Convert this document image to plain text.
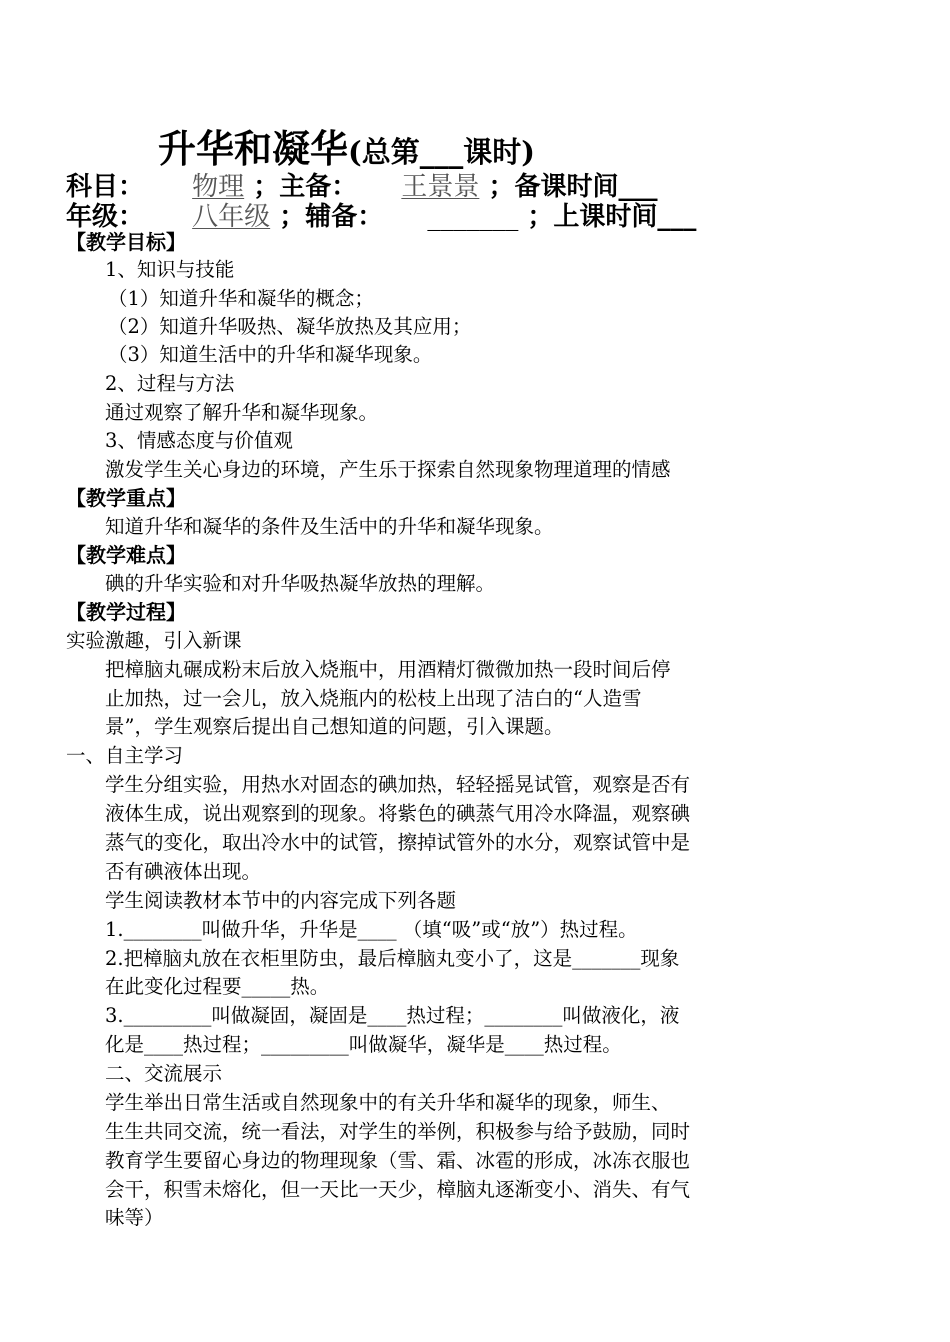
升华和凝华(总第___课时)
科目： 物理 ；主备： 王景景 ；备课时间___
年级： 八年级 ；辅备： _______ ；上课时间___
【教学目标】
1、知识与技能
（1）知道升华和凝华的概念；
（2）知道升华吸热、凝华放热及其应用；
（3）知道生活中的升华和凝华现象。
2、过程与方法
通过观察了解升华和凝华现象。
3、情感态度与价值观
激发学生关心身边的环境，产生乐于探索自然现象物理道理的情感
【教学重点】
知道升华和凝华的条件及生活中的升华和凝华现象。
【教学难点】
碘的升华实验和对升华吸热凝华放热的理解。
【教学过程】
实验激趣，引入新课
把樟脑丸碾成粉末后放入烧瓶中，用酒精灯微微加热一段时间后停
止加热，过一会儿，放入烧瓶内的松枝上出现了洁白的“人造雪
景”，学生观察后提出自己想知道的问题，引入课题。
一、自主学习
学生分组实验，用热水对固态的碘加热，轻轻摇晃试管，观察是否有
液体生成，说出观察到的现象。将紫色的碘蒸气用冷水降温，观察碘
蒸气的变化，取出冷水中的试管，擦掉试管外的水分，观察试管中是
否有碘液体出现。
学生阅读教材本节中的内容完成下列各题
1.________叫做升华，升华是____ （填“吸”或“放”）热过程。
2.把樟脑丸放在衣柜里防虫，最后樟脑丸变小了，这是_______现象
在此变化过程要_____热。
3._________叫做凝固，凝固是____热过程；________叫做液化，液
化是____热过程；_________叫做凝华，凝华是____热过程。
二、交流展示
学生举出日常生活或自然现象中的有关升华和凝华的现象，师生、
生生共同交流，统一看法，对学生的举例，积极参与给予鼓励，同时
教育学生要留心身边的物理现象（雪、霜、冰雹的形成，冰冻衣服也
会干，积雪未熔化，但一天比一天少，樟脑丸逐渐变小、消失、有气
味等）
